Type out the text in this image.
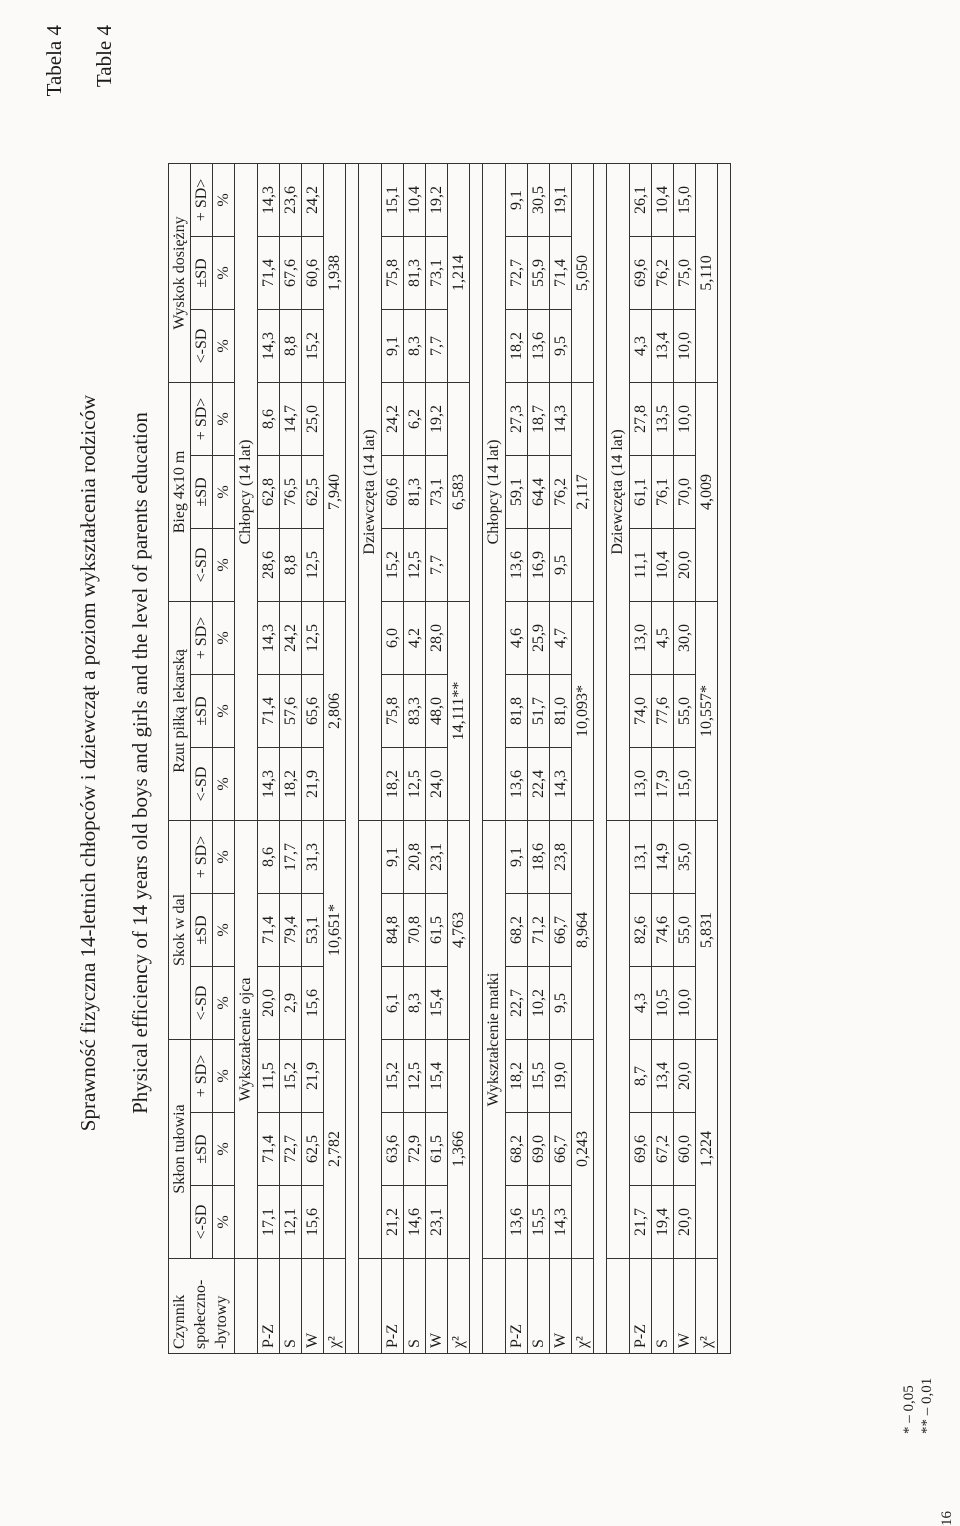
Tabela 4 Table 4
Sprawność fizyczna 14-letnich chłopców i dziewcząt a poziom wykształcenia rodziców Physical efficiency of 14 years old boys and girls and the level of parents education
Czynnik społeczno- -bytowy	Skłon tułowia			Skok w dal			Rzut piłką lekarską			Bieg 4x10 m			Wyskok dosiężny		
	<-SD	±SD	+ SD>	<-SD	±SD	+ SD>	<-SD	±SD	+ SD>	<-SD	±SD	+ SD>	<-SD	±SD	+ SD>
	%	%	%	%	%	%	%	%	%	%	%	%	%	%	%
	Wykształcenie ojca						Chłopcy (14 lat)								
P-Z	17,1	71,4	11,5	20,0	71,4	8,6	14,3	71,4	14,3	28,6	62,8	8,6	14,3	71,4	14,3
S	12,1	72,7	15,2	2,9	79,4	17,7	18,2	57,6	24,2	8,8	76,5	14,7	8,8	67,6	23,6
W	15,6	62,5	21,9	15,6	53,1	31,3	21,9	65,6	12,5	12,5	62,5	25,0	15,2	60,6	24,2
χ²	2,782			10,651*			2,806			7,940			1,938		

							Dziewczęta (14 lat)								
P-Z	21,2	63,6	15,2	6,1	84,8	9,1	18,2	75,8	6,0	15,2	60,6	24,2	9,1	75,8	15,1
S	14,6	72,9	12,5	8,3	70,8	20,8	12,5	83,3	4,2	12,5	81,3	6,2	8,3	81,3	10,4
W	23,1	61,5	15,4	15,4	61,5	23,1	24,0	48,0	28,0	7,7	73,1	19,2	7,7	73,1	19,2
χ²	1,366			4,763			14,111**			6,583			1,214		

	Wykształcenie matki						Chłopcy (14 lat)								
P-Z	13,6	68,2	18,2	22,7	68,2	9,1	13,6	81,8	4,6	13,6	59,1	27,3	18,2	72,7	9,1
S	15,5	69,0	15,5	10,2	71,2	18,6	22,4	51,7	25,9	16,9	64,4	18,7	13,6	55,9	30,5
W	14,3	66,7	19,0	9,5	66,7	23,8	14,3	81,0	4,7	9,5	76,2	14,3	9,5	71,4	19,1
χ²	0,243			8,964			10,093*			2,117			5,050		

							Dziewczęta (14 lat)								
P-Z	21,7	69,6	8,7	4,3	82,6	13,1	13,0	74,0	13,0	11,1	61,1	27,8	4,3	69,6	26,1
S	19,4	67,2	13,4	10,5	74,6	14,9	17,9	77,6	4,5	10,4	76,1	13,5	13,4	76,2	10,4
W	20,0	60,0	20,0	10,0	55,0	35,0	15,0	55,0	30,0	20,0	70,0	10,0	10,0	75,0	15,0
χ²	1,224			5,831			10,557*			4,009			5,110		

* – 0,05 ** – 0,01
16
